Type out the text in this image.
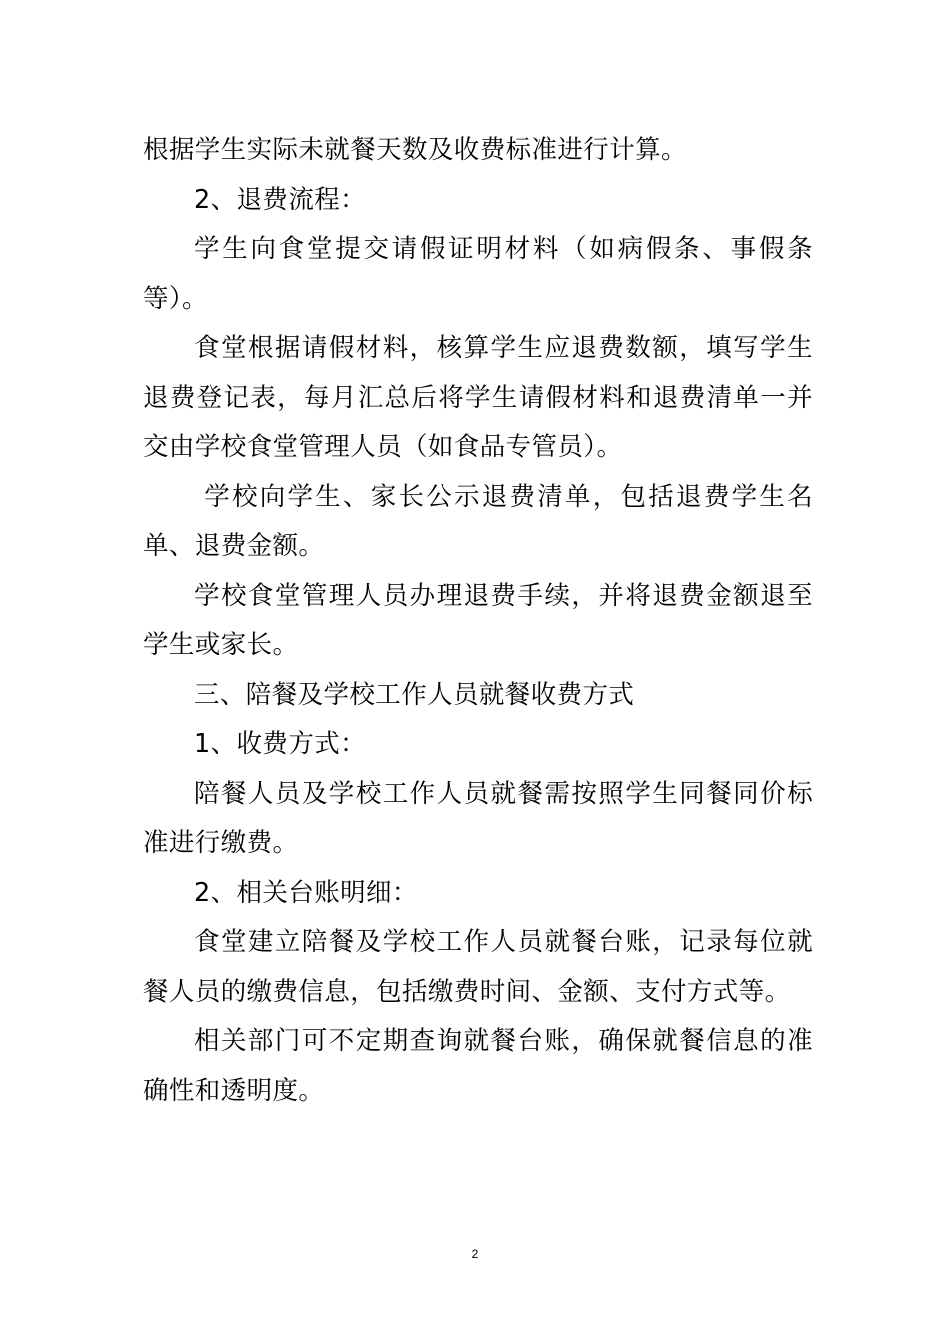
根据学生实际未就餐天数及收费标准进行计算。

2、退费流程：

学生向食堂提交请假证明材料（如病假条、事假条等）。

食堂根据请假材料，核算学生应退费数额，填写学生退费登记表，每月汇总后将学生请假材料和退费清单一并交由学校食堂管理人员（如食品专管员）。

学校向学生、家长公示退费清单，包括退费学生名单、退费金额。

学校食堂管理人员办理退费手续，并将退费金额退至学生或家长。

三、陪餐及学校工作人员就餐收费方式

1、收费方式：

陪餐人员及学校工作人员就餐需按照学生同餐同价标准进行缴费。

2、相关台账明细：

食堂建立陪餐及学校工作人员就餐台账，记录每位就餐人员的缴费信息，包括缴费时间、金额、支付方式等。

相关部门可不定期查询就餐台账，确保就餐信息的准确性和透明度。

2
